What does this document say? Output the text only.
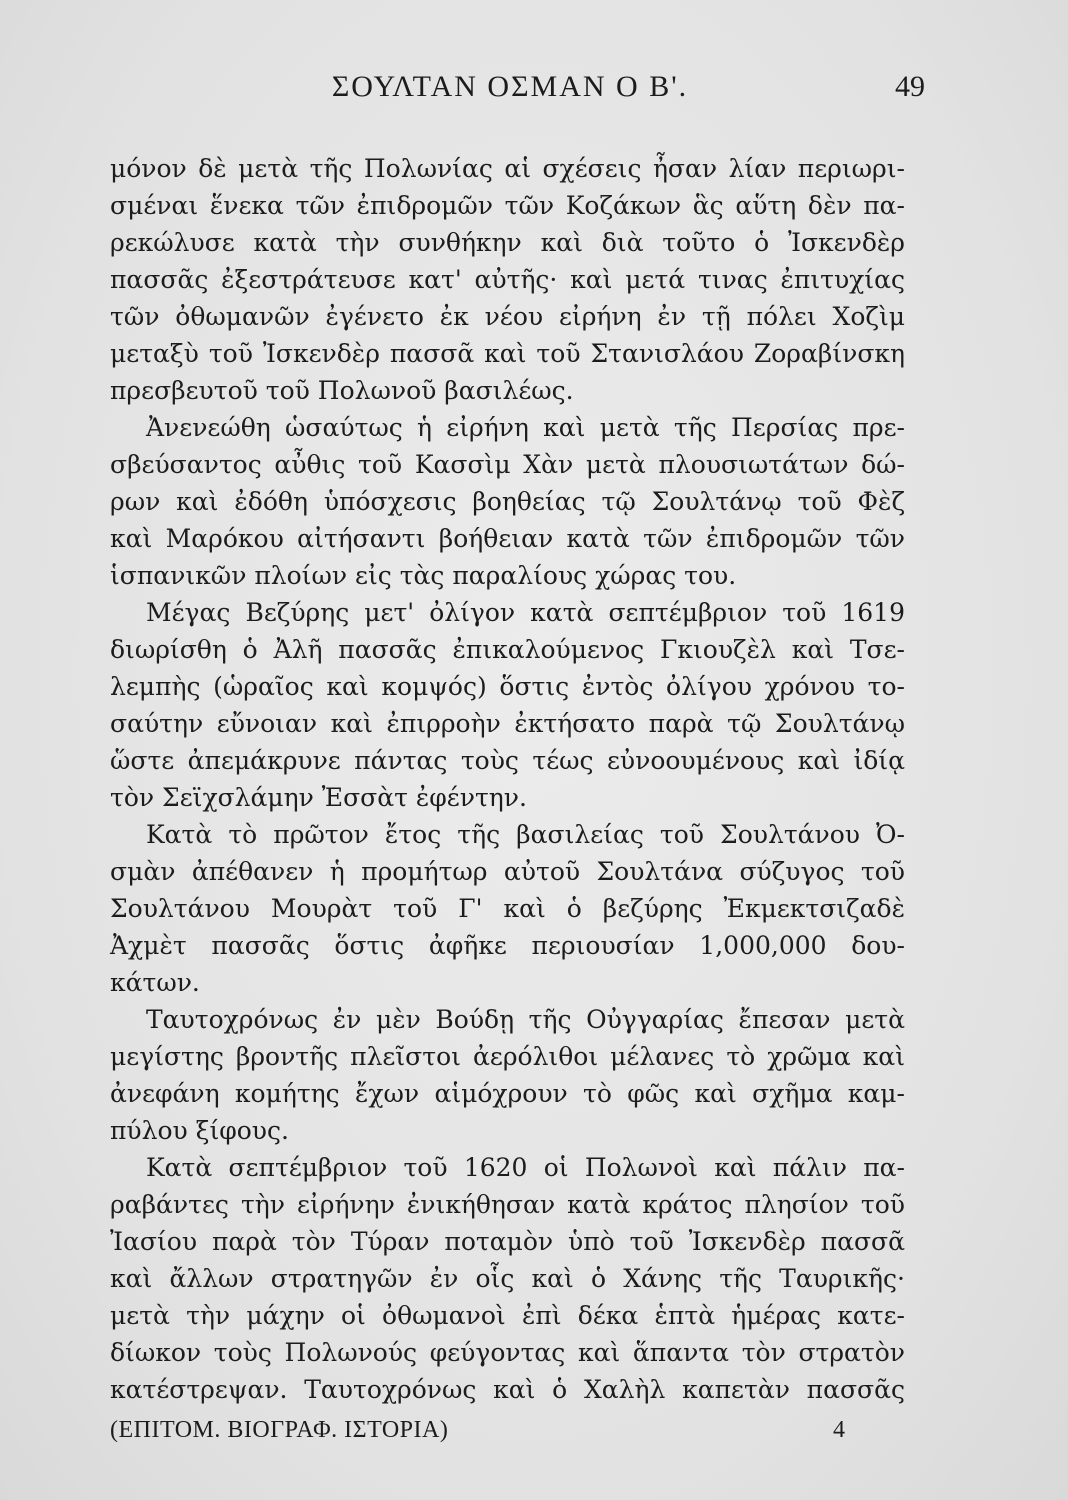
ΣΟΥΛΤΑΝ ΟΣΜΑΝ Ο Β'.	49
μόνον δὲ μετὰ τῆς Πολωνίας αἱ σχέσεις ἦσαν λίαν περιωρι-
σμέναι ἕνεκα τῶν ἐπιδρομῶν τῶν Κοζάκων ἃς αὕτη δὲν πα-
ρεκώλυσε κατὰ τὴν συνθήκην καὶ διὰ τοῦτο ὁ Ἰσκενδὲρ
πασσᾶς ἐξεστράτευσε κατ' αὐτῆς· καὶ μετά τινας ἐπιτυχίας
τῶν ὀθωμανῶν ἐγένετο ἐκ νέου εἰρήνη ἐν τῇ πόλει Χοζὶμ
μεταξὺ τοῦ Ἰσκενδὲρ πασσᾶ καὶ τοῦ Στανισλάου Ζοραβίνσκη
πρεσβευτοῦ τοῦ Πολωνοῦ βασιλέως.
Ἀνενεώθη ὡσαύτως ἡ εἰρήνη καὶ μετὰ τῆς Περσίας πρε-
σβεύσαντος αὖθις τοῦ Κασσὶμ Χὰν μετὰ πλουσιωτάτων δώ-
ρων καὶ ἐδόθη ὑπόσχεσις βοηθείας τῷ Σουλτάνῳ τοῦ Φὲζ
καὶ Μαρόκου αἰτήσαντι βοήθειαν κατὰ τῶν ἐπιδρομῶν τῶν
ἱσπανικῶν πλοίων εἰς τὰς παραλίους χώρας του.
Μέγας Βεζύρης μετ' ὀλίγον κατὰ σεπτέμβριον τοῦ 1619
διωρίσθη ὁ Ἀλῆ πασσᾶς ἐπικαλούμενος Γκιουζὲλ καὶ Τσε-
λεμπὴς (ὡραῖος καὶ κομψός) ὅστις ἐντὸς ὀλίγου χρόνου το-
σαύτην εὔνοιαν καὶ ἐπιρροὴν ἐκτήσατο παρὰ τῷ Σουλτάνῳ
ὥστε ἀπεμάκρυνε πάντας τοὺς τέως εὐνοουμένους καὶ ἰδίᾳ
τὸν Σεϊχσλάμην Ἐσσὰτ ἐφέντην.
Κατὰ τὸ πρῶτον ἔτος τῆς βασιλείας τοῦ Σουλτάνου Ὀ-
σμὰν ἀπέθανεν ἡ προμήτωρ αὐτοῦ Σουλτάνα σύζυγος τοῦ
Σουλτάνου Μουρὰτ τοῦ Γ' καὶ ὁ βεζύρης Ἐκμεκτσιζαδὲ
Ἀχμὲτ πασσᾶς ὅστις ἀφῆκε περιουσίαν 1,000,000 δου-
κάτων.
Ταυτοχρόνως ἐν μὲν Βούδῃ τῆς Οὐγγαρίας ἔπεσαν μετὰ
μεγίστης βροντῆς πλεῖστοι ἀερόλιθοι μέλανες τὸ χρῶμα καὶ
ἀνεφάνη κομήτης ἔχων αἱμόχρουν τὸ φῶς καὶ σχῆμα καμ-
πύλου ξίφους.
Κατὰ σεπτέμβριον τοῦ 1620 οἱ Πολωνοὶ καὶ πάλιν πα-
ραβάντες τὴν εἰρήνην ἐνικήθησαν κατὰ κράτος πλησίον τοῦ
Ἰασίου παρὰ τὸν Τύραν ποταμὸν ὑπὸ τοῦ Ἰσκενδὲρ πασσᾶ
καὶ ἄλλων στρατηγῶν ἐν οἷς καὶ ὁ Χάνης τῆς Ταυρικῆς·
μετὰ τὴν μάχην οἱ ὀθωμανοὶ ἐπὶ δέκα ἑπτὰ ἡμέρας κατε-
δίωκον τοὺς Πολωνούς φεύγοντας καὶ ἅπαντα τὸν στρατὸν
κατέστρεψαν. Ταυτοχρόνως καὶ ὁ Χαλὴλ καπετὰν πασσᾶς
(ΕΠΙΤΟΜ. ΒΙΟΓΡΑΦ. ΙΣΤΟΡΙΑ)	4
